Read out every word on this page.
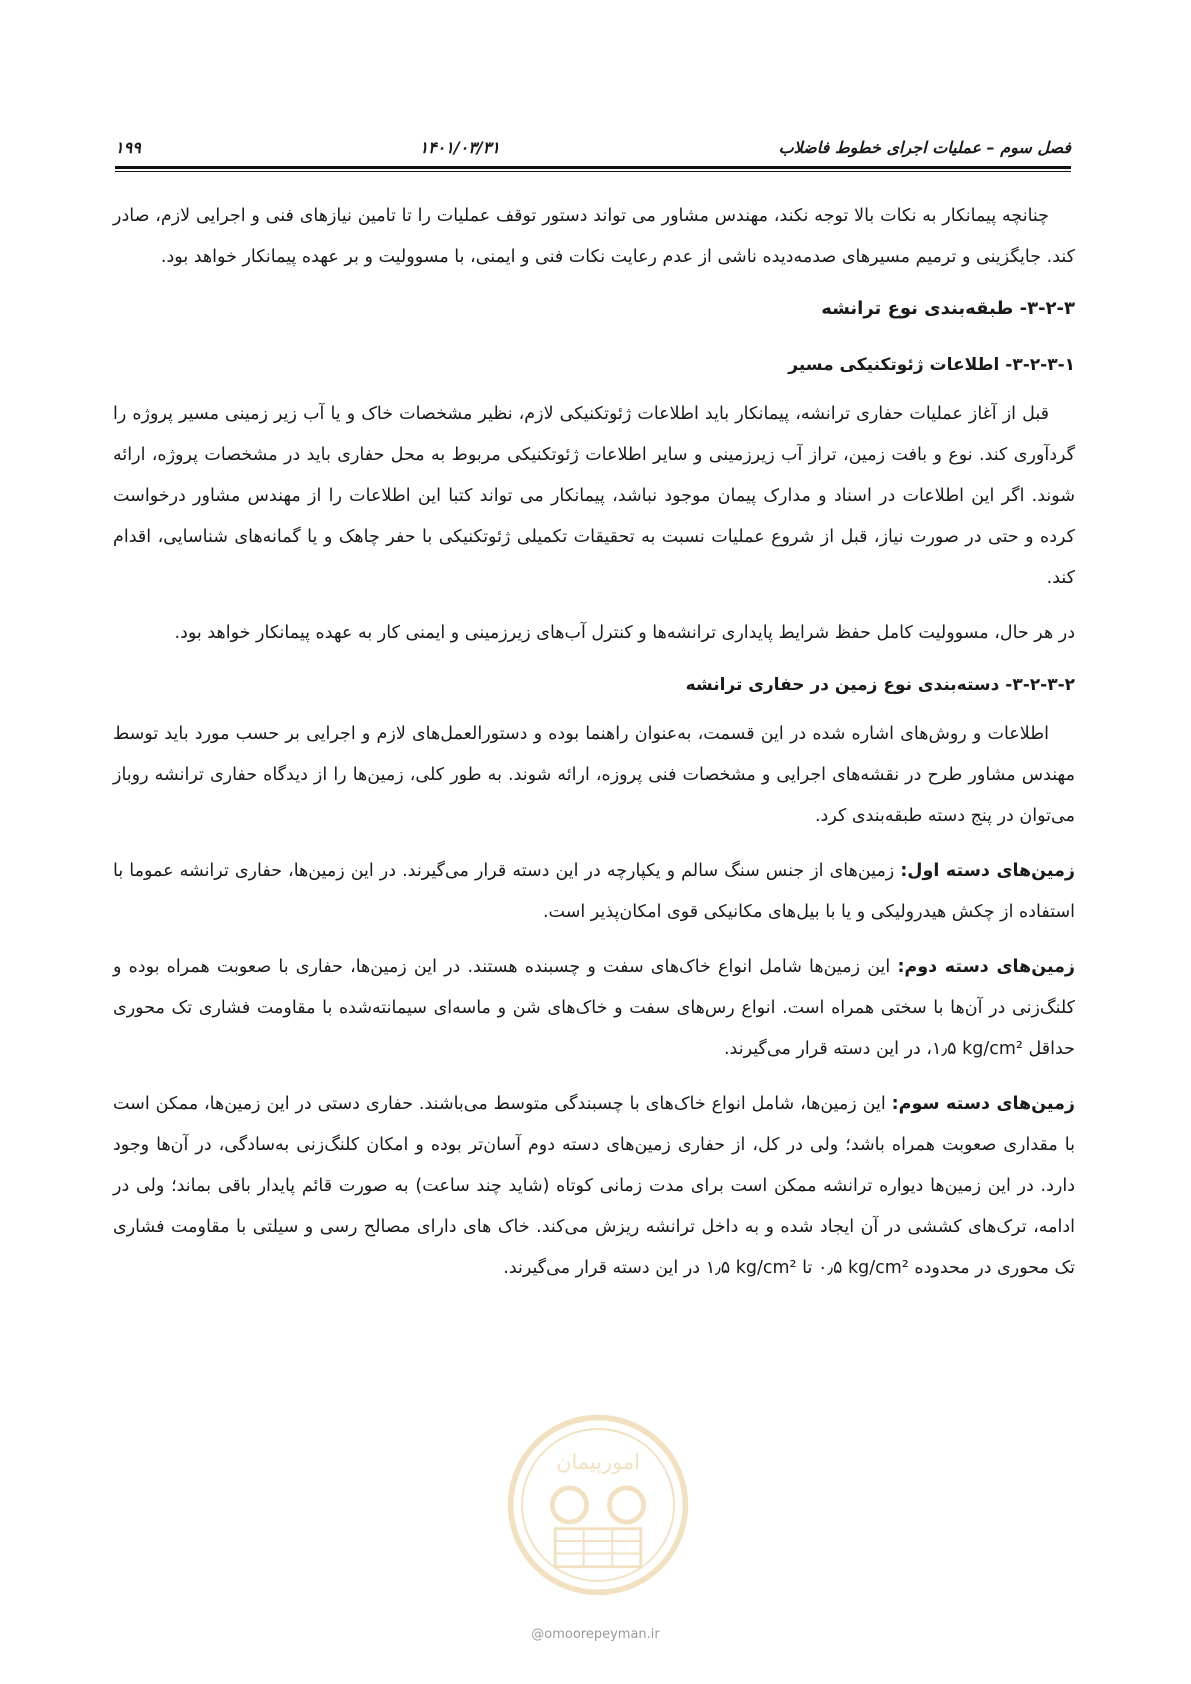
فصل سوم – عملیات اجرای خطوط فاضلاب
۱۴۰۱/۰۳/۳۱
۱۹۹

چنانچه پیمانکار به نکات بالا توجه نکند، مهندس مشاور می تواند دستور توقف عملیات را تا تامین نیازهای فنی و اجرایی لازم، صادر کند. جایگزینی و ترمیم مسیرهای صدمه‌دیده ناشی از عدم رعایت نکات فنی و ایمنی، با مسوولیت و بر عهده پیمانکار خواهد بود.

۳-۲-۳- طبقه‌بندی نوع ترانشه
۳-۲-۳-۱- اطلاعات ژئوتکنیکی مسیر

قبل از آغاز عملیات حفاری ترانشه، پیمانکار باید اطلاعات ژئوتکنیکی لازم، نظیر مشخصات خاک و یا آب زیر زمینی مسیر پروژه را گردآوری کند. نوع و بافت زمین، تراز آب زیرزمینی و سایر اطلاعات ژئوتکنیکی مربوط به محل حفاری باید در مشخصات پروژه، ارائه شوند. اگر این اطلاعات در اسناد و مدارک پیمان موجود نباشد، پیمانکار می تواند کتبا این اطلاعات را از مهندس مشاور درخواست کرده و حتی در صورت نیاز، قبل از شروع عملیات نسبت به تحقیقات تکمیلی ژئوتکنیکی با حفر چاهک و یا گمانه‌های شناسایی، اقدام کند.

در هر حال، مسوولیت کامل حفظ شرایط پایداری ترانشه‌ها و کنترل آب‌های زیرزمینی و ایمنی کار به عهده پیمانکار خواهد بود.

۳-۲-۳-۲- دسته‌بندی نوع زمین در حفاری ترانشه

اطلاعات و روش‌های اشاره شده در این قسمت، به‌عنوان راهنما بوده و دستورالعمل‌های لازم و اجرایی بر حسب مورد باید توسط مهندس مشاور طرح در نقشه‌های اجرایی و مشخصات فنی پروزه، ارائه شوند. به طور کلی، زمین‌ها را از دیدگاه حفاری ترانشه روباز می‌توان در پنج دسته طبقه‌بندی کرد.

زمین‌های دسته اول: زمین‌های از جنس سنگ سالم و یکپارچه در این دسته قرار می‌گیرند. در این زمین‌ها، حفاری ترانشه عموما با استفاده از چکش هیدرولیکی و یا با بیل‌های مکانیکی قوی امکان‌پذیر است.

زمین‌های دسته دوم: این زمین‌ها شامل انواع خاک‌های سفت و چسبنده هستند. در این زمین‌ها، حفاری با صعوبت همراه بوده و کلنگ‌زنی در آن‌ها با سختی همراه است. انواع رس‌های سفت و خاک‌های شن و ماسه‌ای سیمانته‌شده با مقاومت فشاری تک محوری حداقل ۱٫۵ kg/cm²، در این دسته قرار می‌گیرند.

زمین‌های دسته سوم: این زمین‌ها، شامل انواع خاک‌های با چسبندگی متوسط می‌باشند. حفاری دستی در این زمین‌ها، ممکن است با مقداری صعوبت همراه باشد؛ ولی در کل، از حفاری زمین‌های دسته دوم آسان‌تر بوده و امکان کلنگ‌زنی به‌سادگی، در آن‌ها وجود دارد. در این زمین‌ها دیواره ترانشه ممکن است برای مدت زمانی کوتاه (شاید چند ساعت) به صورت قائم پایدار باقی بماند؛ ولی در ادامه، ترک‌های کششی در آن ایجاد شده و به داخل ترانشه ریزش می‌کند. خاک های دارای مصالح رسی و سیلتی با مقاومت فشاری تک محوری در محدوده ۰٫۵ kg/cm² تا ۱٫۵ kg/cm² در این دسته قرار می‌گیرند.

امورپیمان
@omoorepeyman.ir
